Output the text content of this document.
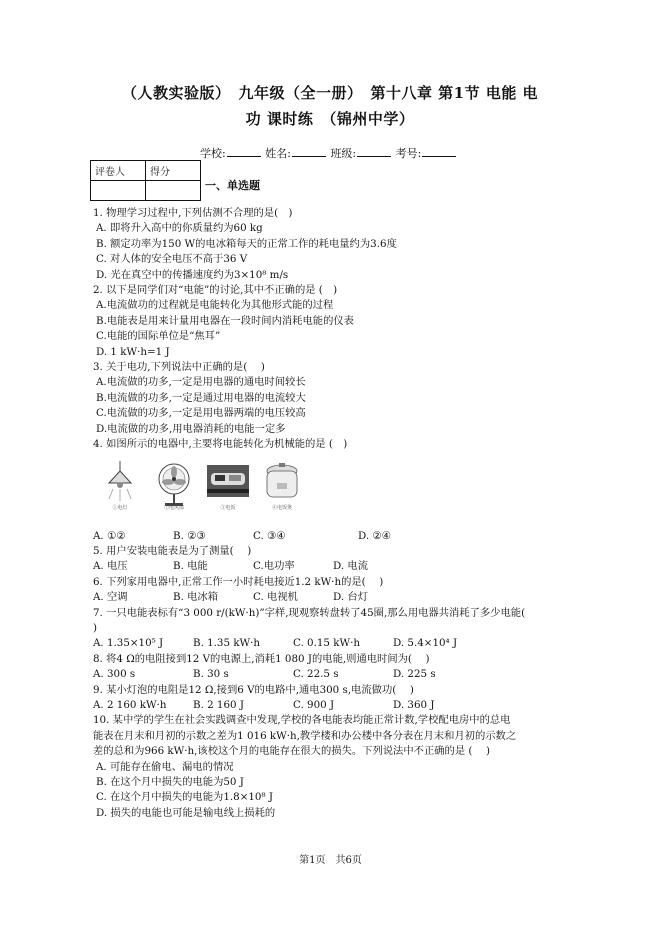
（人教实验版）　九年级（全一册）　第十八章 第1节 电能 电
功 课时练　（锦州中学）
学校:	姓名:	班级:	考号:
评卷人	得分

一、单选题
1. 物理学习过程中,下列估测不合理的是(　)
A. 即将升入高中的你质量约为60 kg
B. 额定功率为150 W的电冰箱每天的正常工作的耗电量约为3.6度
C. 对人体的安全电压不高于36 V
D. 光在真空中的传播速度约为3×10⁸ m/s
2. 以下是同学们对“电能”的讨论,其中不正确的是 (　)
A.电流做功的过程就是电能转化为其他形式能的过程
B.电能表是用来计量用电器在一段时间内消耗电能的仪表
C.电能的国际单位是“焦耳”
D. 1 kW·h=1 J
3. 关于电功,下列说法中正确的是(　 )
A.电流做的功多,一定是用电器的通电时间较长
B.电流做的功多,一定是通过用电器的电流较大
C.电流做的功多,一定是用电器两端的电压较高
D.电流做的功多,用电器消耗的电能一定多
4. 如图所示的电器中,主要将电能转化为机械能的是 (　)
①电灯	②电风扇	③电饭	④电饭煲
A. ①②	B. ②③	C. ③④	D. ②④
5. 用户安装电能表是为了测量(　 )
A. 电压	B. 电能	C.电功率	D. 电流
6. 下列家用电器中,正常工作一小时耗电接近1.2 kW·h的是(　 )
A. 空调	B. 电冰箱	C. 电视机	D. 台灯
7. 一只电能表标有“3 000 r/(kW·h)”字样,现观察转盘转了45圈,那么用电器共消耗了多少电能(
)
A. 1.35×10⁵ J	B. 1.35 kW·h	C. 0.15 kW·h	D. 5.4×10⁴ J
8. 将4 Ω的电阻接到12 V的电源上,消耗1 080 J的电能,则通电时间为(　 )
A. 300 s	B. 30 s	C. 22.5 s	D. 225 s
9. 某小灯泡的电阻是12 Ω,接到6 V的电路中,通电300 s,电流做功(　 )
A. 2 160 kW·h	B. 2 160 J	C. 900 J	D. 360 J
10. 某中学的学生在社会实践调查中发现,学校的各电能表均能正常计数,学校配电房中的总电
能表在月末和月初的示数之差为1 016 kW·h,教学楼和办公楼中各分表在月末和月初的示数之
差的总和为966 kW·h,该校这个月的电能存在很大的损失。下列说法中不正确的是 (　 )
A. 可能存在偷电、漏电的情况
B. 在这个月中损失的电能为50 J
C. 在这个月中损失的电能为1.8×10⁸ J
D. 损失的电能也可能是输电线上损耗的
第1页　共6页
